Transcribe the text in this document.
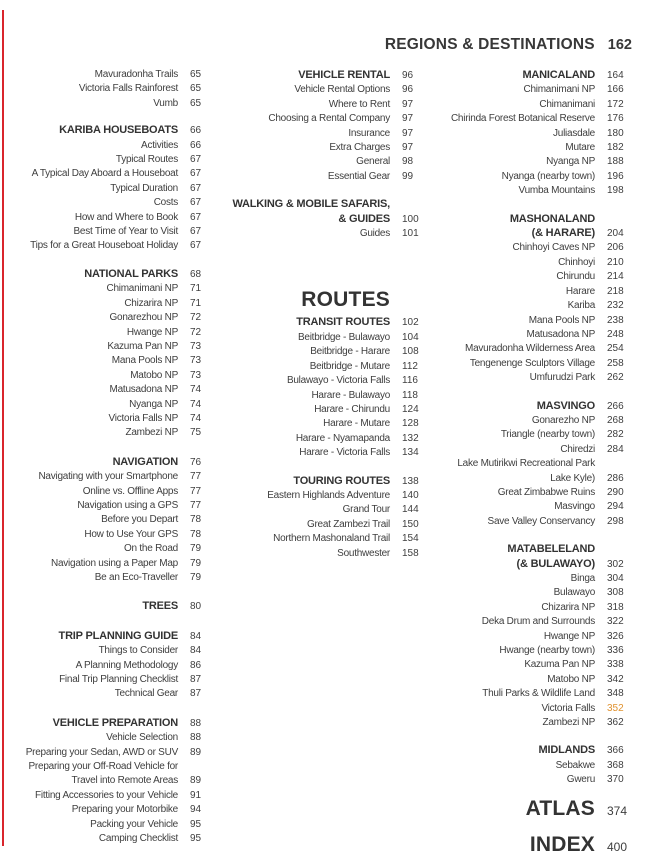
REGIONS & DESTINATIONS 162
Mavuradonha Trails	65
Victoria Falls Rainforest	65
Vumb	65
KARIBA HOUSEBOATS	66
Activities	66
Typical Routes	67
A Typical Day Aboard a Houseboat	67
Typical Duration	67
Costs	67
How and Where to Book	67
Best Time of Year to Visit	67
Tips for a Great Houseboat Holiday	67
NATIONAL PARKS	68
Chimanimani NP	71
Chizarira NP	71
Gonarezhou NP	72
Hwange NP	72
Kazuma Pan NP	73
Mana Pools NP	73
Matobo NP	73
Matusadona NP	74
Nyanga NP	74
Victoria Falls NP	74
Zambezi NP	75
NAVIGATION	76
Navigating with your Smartphone	77
Online vs. Offline Apps	77
Navigation using a GPS	77
Before you Depart	78
How to Use Your GPS	78
On the Road	79
Navigation using a Paper Map	79
Be an Eco-Traveller	79
TREES	80
TRIP PLANNING GUIDE	84
Things to Consider	84
A Planning Methodology	86
Final Trip Planning Checklist	87
Technical Gear	87
VEHICLE PREPARATION	88
Vehicle Selection	88
Preparing your Sedan, AWD or SUV	89
Preparing your Off-Road Vehicle for
Travel into Remote Areas	89
Fitting Accessories to your Vehicle	91
Preparing your Motorbike	94
Packing your Vehicle	95
Camping Checklist	95
VEHICLE RENTAL	96
Vehicle Rental Options	96
Where to Rent	97
Choosing a Rental Company	97
Insurance	97
Extra Charges	97
General	98
Essential Gear	99
WALKING & MOBILE SAFARIS,
& GUIDES	100
Guides	101
ROUTES
TRANSIT ROUTES	102
Beitbridge - Bulawayo	104
Beitbridge - Harare	108
Beitbridge - Mutare	112
Bulawayo - Victoria Falls	116
Harare - Bulawayo	118
Harare - Chirundu	124
Harare - Mutare	128
Harare - Nyamapanda	132
Harare - Victoria Falls	134
TOURING ROUTES	138
Eastern Highlands Adventure	140
Grand Tour	144
Great Zambezi Trail	150
Northern Mashonaland Trail	154
Southwester	158
MANICALAND	164
Chimanimani NP	166
Chimanimani	172
Chirinda Forest Botanical Reserve	176
Juliasdale	180
Mutare	182
Nyanga NP	188
Nyanga (nearby town)	196
Vumba Mountains	198
MASHONALAND
(& HARARE)	204
Chinhoyi Caves NP	206
Chinhoyi	210
Chirundu	214
Harare	218
Kariba	232
Mana Pools NP	238
Matusadona NP	248
Mavuradonha Wilderness Area	254
Tengenenge Sculptors Village	258
Umfurudzi Park	262
MASVINGO	266
Gonarezho NP	268
Triangle (nearby town)	282
Chiredzi	284
Lake Mutirikwi Recreational Park
Lake Kyle)	286
Great Zimbabwe Ruins	290
Masvingo	294
Save Valley Conservancy	298
MATABELELAND
(& BULAWAYO)	302
Binga	304
Bulawayo	308
Chizarira NP	318
Deka Drum and Surrounds	322
Hwange NP	326
Hwange (nearby town)	336
Kazuma Pan NP	338
Matobo NP	342
Thuli Parks & Wildlife Land	348
Victoria Falls	352
Zambezi NP	362
MIDLANDS	366
Sebakwe	368
Gweru	370
ATLAS	374
INDEX	400
